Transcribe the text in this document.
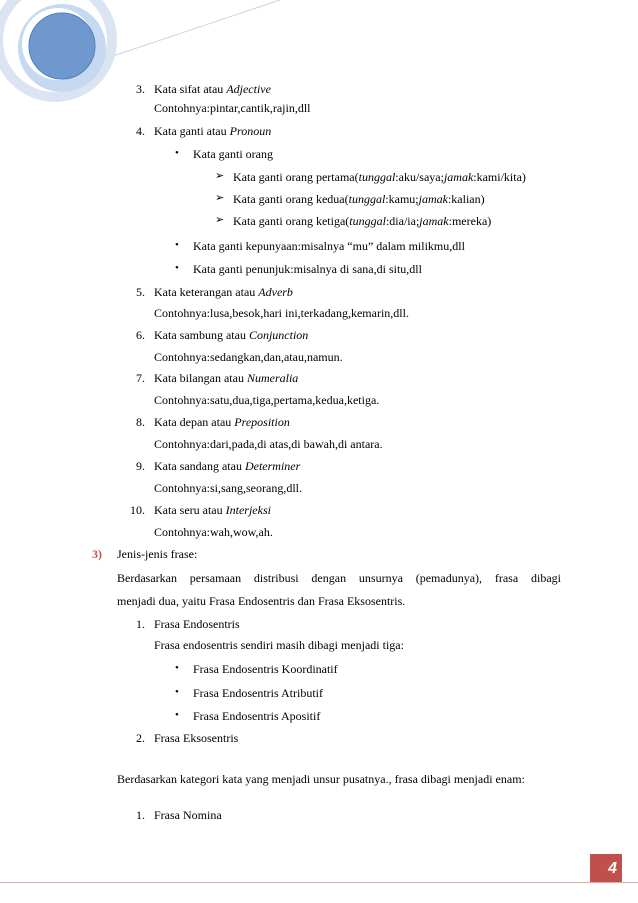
3. Kata sifat atau Adjective
Contohnya:pintar,cantik,rajin,dll
4. Kata ganti atau Pronoun
• Kata ganti orang
➢ Kata ganti orang pertama(tunggal:aku/saya;jamak:kami/kita)
➢ Kata ganti orang kedua(tunggal:kamu;jamak:kalian)
➢ Kata ganti orang ketiga(tunggal:dia/ia;jamak:mereka)
• Kata ganti kepunyaan:misalnya “mu” dalam milikmu,dll
• Kata ganti penunjuk:misalnya di sana,di situ,dll
5. Kata keterangan atau Adverb
Contohnya:lusa,besok,hari ini,terkadang,kemarin,dll.
6. Kata sambung atau Conjunction
Contohnya:sedangkan,dan,atau,namun.
7. Kata bilangan atau Numeralia
Contohnya:satu,dua,tiga,pertama,kedua,ketiga.
8. Kata depan atau Preposition
Contohnya:dari,pada,di atas,di bawah,di antara.
9. Kata sandang atau Determiner
Contohnya:si,sang,seorang,dll.
10. Kata seru atau Interjeksi
Contohnya:wah,wow,ah.
3) Jenis-jenis frase:
Berdasarkan persamaan distribusi dengan unsurnya (pemadunya), frasa dibagi
menjadi dua, yaitu Frasa Endosentris dan Frasa Eksosentris.
1. Frasa Endosentris
Frasa endosentris sendiri masih dibagi menjadi tiga:
• Frasa Endosentris Koordinatif
• Frasa Endosentris Atributif
• Frasa Endosentris Apositif
2. Frasa Eksosentris
Berdasarkan kategori kata yang menjadi unsur pusatnya., frasa dibagi menjadi enam:
1. Frasa Nomina
4
